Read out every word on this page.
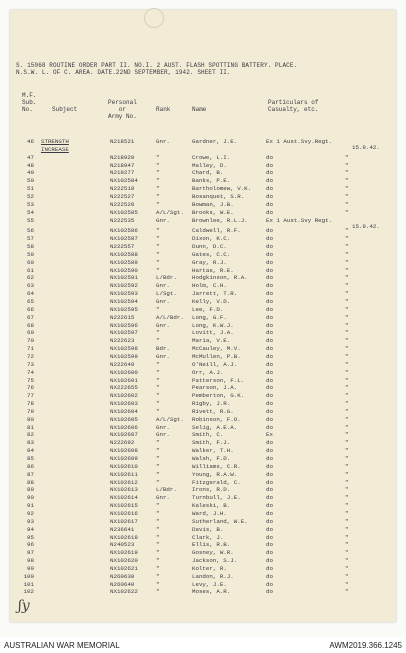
S. 15068 ROUTINE ORDER PART II. NO.I. 2 AUST. FLASH SPOTTING BATTERY. PLACE.
N.S.W. L. OF C. AREA. DATE.22ND SEPTEMBER, 1942. SHEET II.
M.F.
Sub.
No.	Subject
Personal
or
Army No.
Rank	Name
Particulars of
Casualty, etc.
46 STRENGTH	N218521	Gnr.	Gardner, J.E.	Ex 1 Aust.Svy.Regt.
15.9.42.
INCREASE
47	N218929	"	Crowe, L.I.	do	"
48	N218947	"	Malley, D.	do	"
49	N219277	"	Chard, B.	do	"
50	NX102584	"	Banks, P.E.	do	"
51	N222518	"	Bartholomew, V.K.	do	"
52	N222527	"	Bosanquet, S.R.	do	"
53	N222528	"	Bowman, J.B.	do	"
54	NX102585	A/L/Sgt. Brooks, W.E.	do	"
55	N222535	Gnr.	Brownlee, R.L.J.	Ex 1 Aust.Svy Regt.
15.9.42.
56	NX102586	"	Caldwell, R.F.	do	"
57	NX102587	"	Dixon, K.C.	do	"
58	N222557	"	Dunn, D.C.	do	"
59	NX102588	"	Gates, C.C.	do	"
60	NX102589	"	Gray, R.J.	do	"
61	NX102590	"	Hartas, R.E.	do	"
62	NX102591	L/Bdr.	Hodgkinson, R.A.	do	"
63	NX102592	Gnr.	Holm, C.H.	do	"
64	NX102593	L/Sgt.	Jarrett, T.R.	do	"
65	NX102594	Gnr.	Kelly, V.D.	do	"
66	NX102595	"	Lee, F.D.	do	"
67	N222615	A/L/Bdr. Long, G.F.	do	"
68	NX102596	Gnr.	Long, K.W.J.	do	"
69	NX102597	"	Lovitt, J.A.	do	"
70	N222623	"	Maria, V.E.	do	"
71	NX102598	Bdr.	McCauley, M.V.	do	"
72	NX102599	Gnr.	McMullen, P.B.	do	"
73	N222649	"	O'Neill, A.J.	do	"
74	NX102600	"	Orr, A.J.	do	"
75	NX102601	"	Patterson, F.L.	do	"
76	NX222655	"	Pearson, J.A.	do	"
77	NX102602	"	Pemberton, G.K.	do	"
78	NX102603	"	Rigby, J.R.	do	"
79	NX102604	"	Rivett, R.G.	do	"
80	NX102605	A/L/Sgt. Robinson, F.O.	do	"
81	NX102606	Gnr.	Selig, A.E.A.	do	"
82	NX102607	Gnr.	Smith, C.	Ex	"
83	N222692	"	Smith, F.J.	do	"
84	NX102608	"	Walker, T.H.	do	"
85	NX102609	"	Walsh, F.D.	do	"
86	NX102610	"	Williams, C.R.	do	"
87	NX102611	"	Young, R.A.W.	do	"
88	NX102612	"	Fitzgerald, C.	do	"
89	NX102613	L/Bdr.	Irons, R.D.	do	"
90	NX102614	Gnr.	Turnbull, J.E.	do	"
91	NX102615	"	Kaleski, B.	do	"
92	NX102616	"	Ward, J.H.	do	"
93	NX102617	"	Sutherland, W.E.	do	"
94	N236641	"	Davis, B.	do	"
95	NX102618	"	Clark, J.	do	"
96	N240523	"	Ellis, R.B.	do	"
97	NX102619	"	Gosney, W.R.	do	"
98	NX102620	"	Jackson, S.J.	do	"
99	NX102621	"	Kolter, R.	do	"
100	N260630	"	Landon, R.J.	do	"
101	N260640	"	Levy, J.E.	do	"
102	NX102622	"	Moses, A.R.	do	"
ʃy
AUSTRALIAN WAR MEMORIAL	AWM2019.366.1245
